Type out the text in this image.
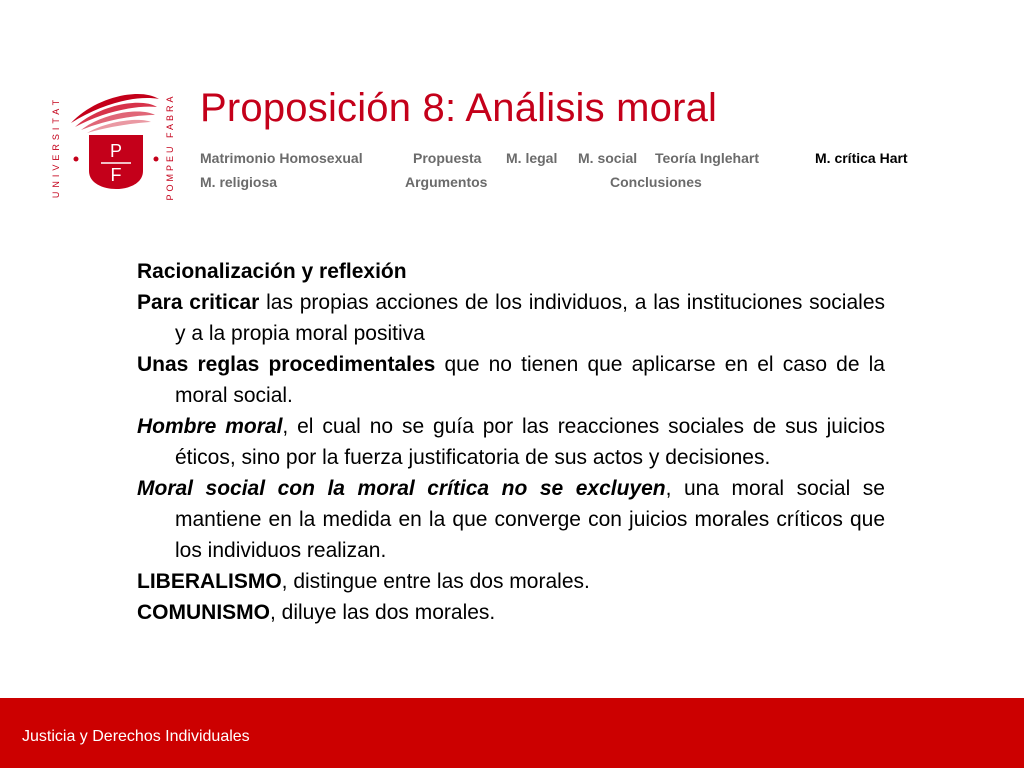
UNIVERSITAT	POMPEU FABRA
P
F
Proposición 8: Análisis moral
Matrimonio Homosexual	Propuesta M. legal M. social Teoría Inglehart	M. crítica Hart
M. religiosa	Argumentos	Conclusiones

Racionalización y reflexión

Para criticar las propias acciones de los individuos, a las instituciones sociales y a la propia moral positiva

Unas reglas procedimentales que no tienen que aplicarse en el caso de la moral social.

Hombre moral, el cual no se guía por las reacciones sociales de sus juicios éticos, sino por la fuerza justificatoria de sus actos y decisiones.

Moral social con la moral crítica no se excluyen, una moral social se mantiene en la medida en la que converge con juicios morales críticos que los individuos realizan.

LIBERALISMO, distingue entre las dos morales.

COMUNISMO, diluye las dos morales.

Justicia y Derechos Individuales
